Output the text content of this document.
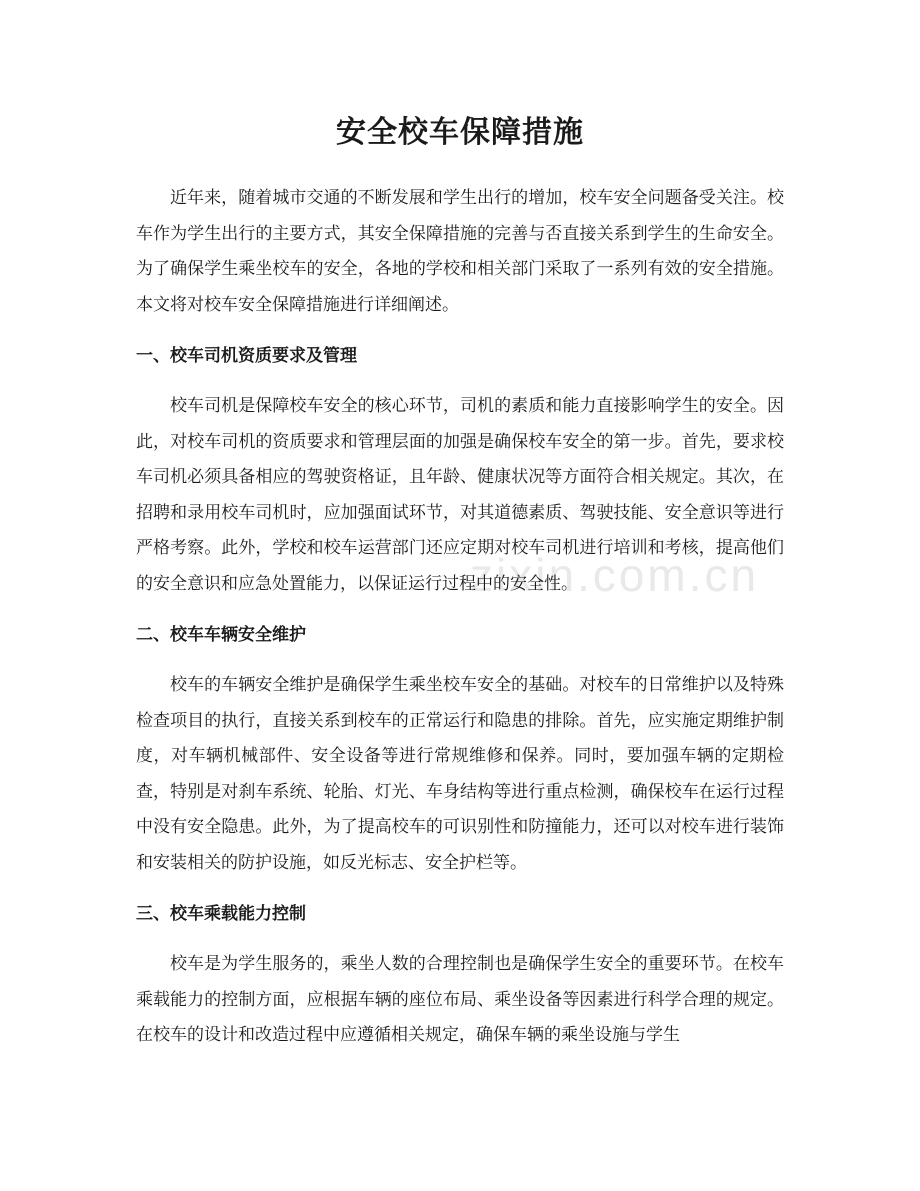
zixin.com.cn
安全校车保障措施

近年来，随着城市交通的不断发展和学生出行的增加，校车安全问题备受关注。校车作为学生出行的主要方式，其安全保障措施的完善与否直接关系到学生的生命安全。为了确保学生乘坐校车的安全，各地的学校和相关部门采取了一系列有效的安全措施。本文将对校车安全保障措施进行详细阐述。

一、校车司机资质要求及管理

校车司机是保障校车安全的核心环节，司机的素质和能力直接影响学生的安全。因此，对校车司机的资质要求和管理层面的加强是确保校车安全的第一步。首先，要求校车司机必须具备相应的驾驶资格证，且年龄、健康状况等方面符合相关规定。其次，在招聘和录用校车司机时，应加强面试环节，对其道德素质、驾驶技能、安全意识等进行严格考察。此外，学校和校车运营部门还应定期对校车司机进行培训和考核，提高他们的安全意识和应急处置能力，以保证运行过程中的安全性。

二、校车车辆安全维护

校车的车辆安全维护是确保学生乘坐校车安全的基础。对校车的日常维护以及特殊检查项目的执行，直接关系到校车的正常运行和隐患的排除。首先，应实施定期维护制度，对车辆机械部件、安全设备等进行常规维修和保养。同时，要加强车辆的定期检查，特别是对刹车系统、轮胎、灯光、车身结构等进行重点检测，确保校车在运行过程中没有安全隐患。此外，为了提高校车的可识别性和防撞能力，还可以对校车进行装饰和安装相关的防护设施，如反光标志、安全护栏等。

三、校车乘载能力控制

校车是为学生服务的，乘坐人数的合理控制也是确保学生安全的重要环节。在校车乘载能力的控制方面，应根据车辆的座位布局、乘坐设备等因素进行科学合理的规定。在校车的设计和改造过程中应遵循相关规定，确保车辆的乘坐设施与学生
